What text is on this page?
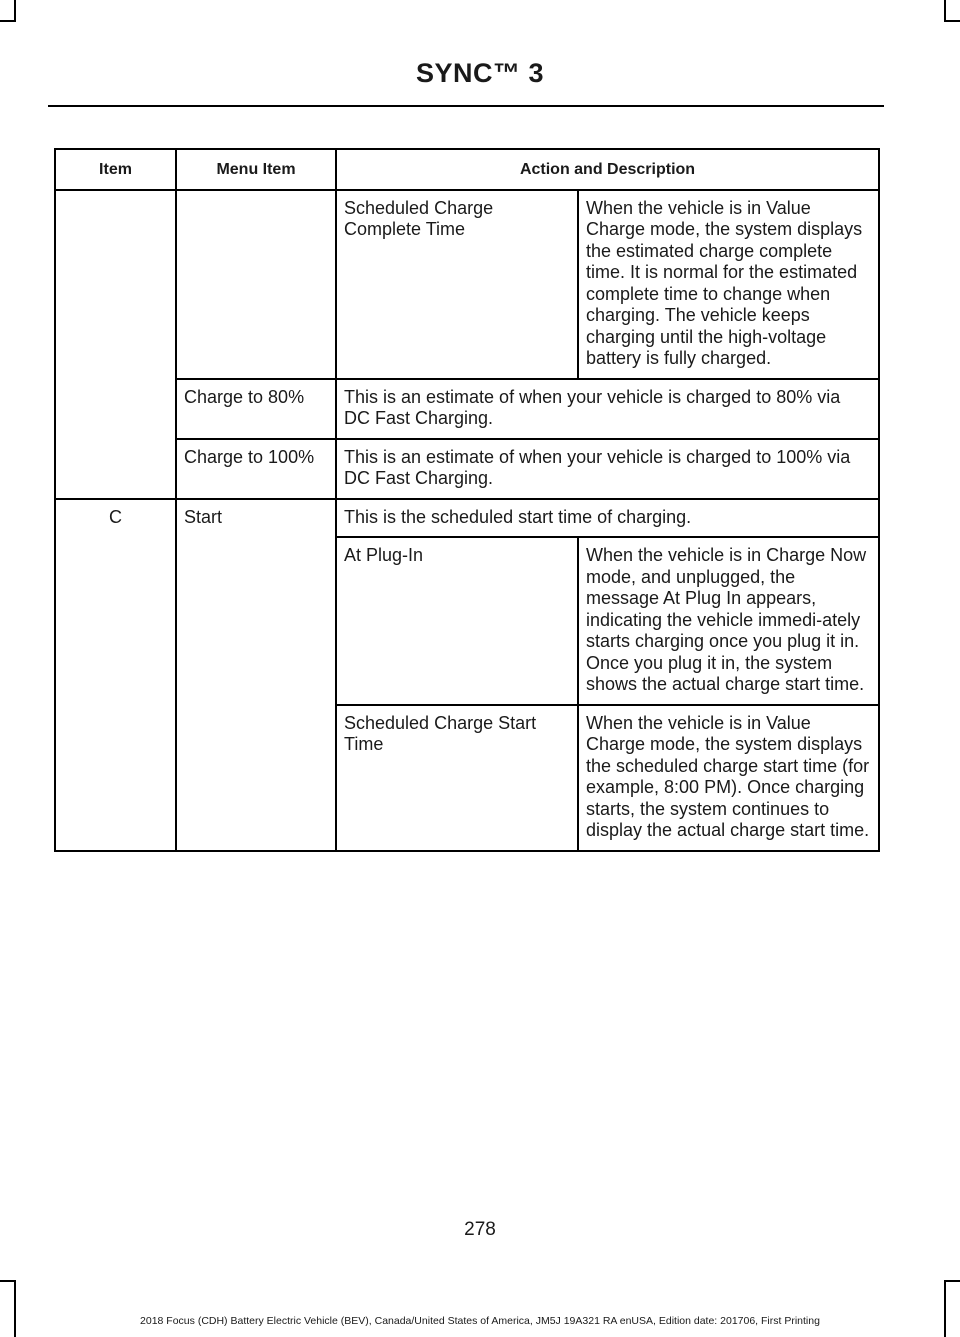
SYNC™ 3
Item	Menu Item	Action and Description	
		Scheduled Charge Complete Time	When the vehicle is in Value Charge mode, the system displays the estimated charge complete time. It is normal for the estimated complete time to change when charging. The vehicle keeps charging until the high-voltage battery is fully charged.
	Charge to 80%	This is an estimate of when your vehicle is charged to 80% via DC Fast Charging.	
	Charge to 100%	This is an estimate of when your vehicle is charged to 100% via DC Fast Charging.	
C	Start	This is the scheduled start time of charging.	
		At Plug-In	When the vehicle is in Charge Now mode, and unplugged, the message At Plug In appears, indicating the vehicle immedi-ately starts charging once you plug it in. Once you plug it in, the system shows the actual charge start time.
		Scheduled Charge Start Time	When the vehicle is in Value Charge mode, the system displays the scheduled charge start time (for example, 8:00 PM). Once charging starts, the system continues to display the actual charge start time.
278
2018 Focus (CDH) Battery Electric Vehicle (BEV), Canada/United States of America, JM5J 19A321 RA enUSA, Edition date: 201706, First Printing
